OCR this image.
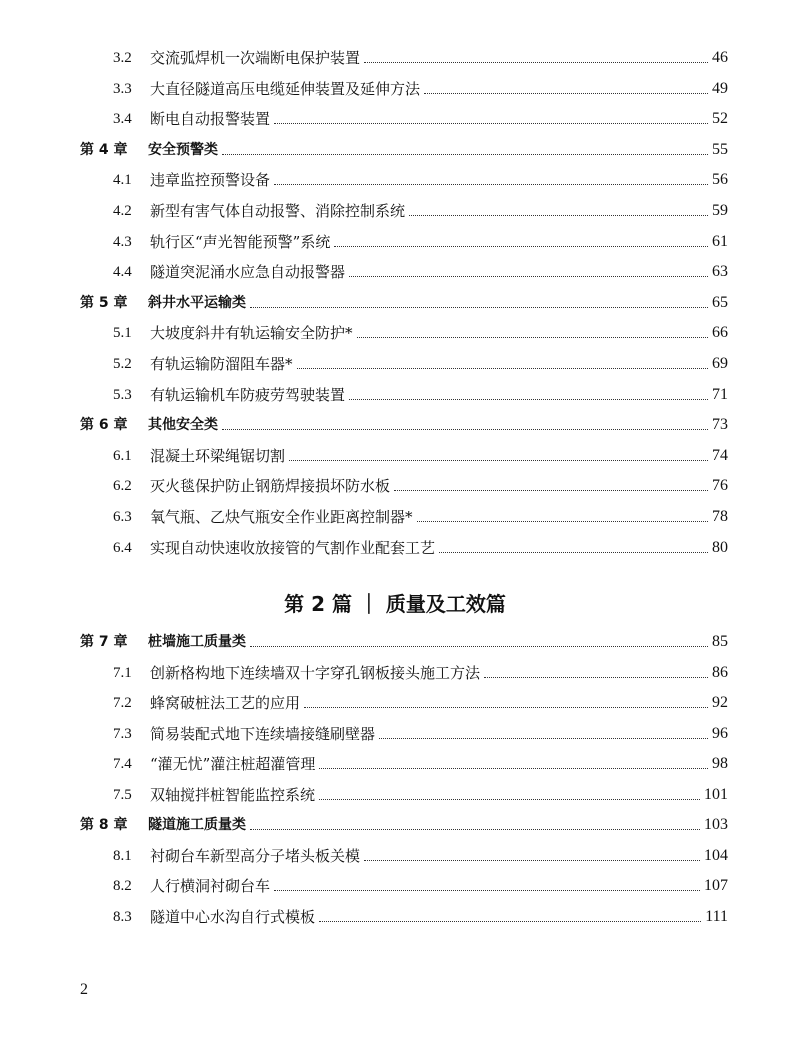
3.2	交流弧焊机一次端断电保护装置	46
3.3	大直径隧道高压电缆延伸装置及延伸方法	49
3.4	断电自动报警装置	52
第 4 章	安全预警类	55
4.1	违章监控预警设备	56
4.2	新型有害气体自动报警、消除控制系统	59
4.3	轨行区“声光智能预警”系统	61
4.4	隧道突泥涌水应急自动报警器	63
第 5 章	斜井水平运输类	65
5.1	大坡度斜井有轨运输安全防护*	66
5.2	有轨运输防溜阻车器*	69
5.3	有轨运输机车防疲劳驾驶装置	71
第 6 章	其他安全类	73
6.1	混凝土环梁绳锯切割	74
6.2	灭火毯保护防止钢筋焊接损坏防水板	76
6.3	氧气瓶、乙炔气瓶安全作业距离控制器*	78
6.4	实现自动快速收放接管的气割作业配套工艺	80
第 2 篇 ｜ 质量及工效篇
第 7 章	桩墙施工质量类	85
7.1	创新格构地下连续墙双十字穿孔钢板接头施工方法	86
7.2	蜂窝破桩法工艺的应用	92
7.3	简易装配式地下连续墙接缝刷壁器	96
7.4	“灌无忧”灌注桩超灌管理	98
7.5	双轴搅拌桩智能监控系统	101
第 8 章	隧道施工质量类	103
8.1	衬砌台车新型高分子堵头板关模	104
8.2	人行横洞衬砌台车	107
8.3	隧道中心水沟自行式模板	111
2
